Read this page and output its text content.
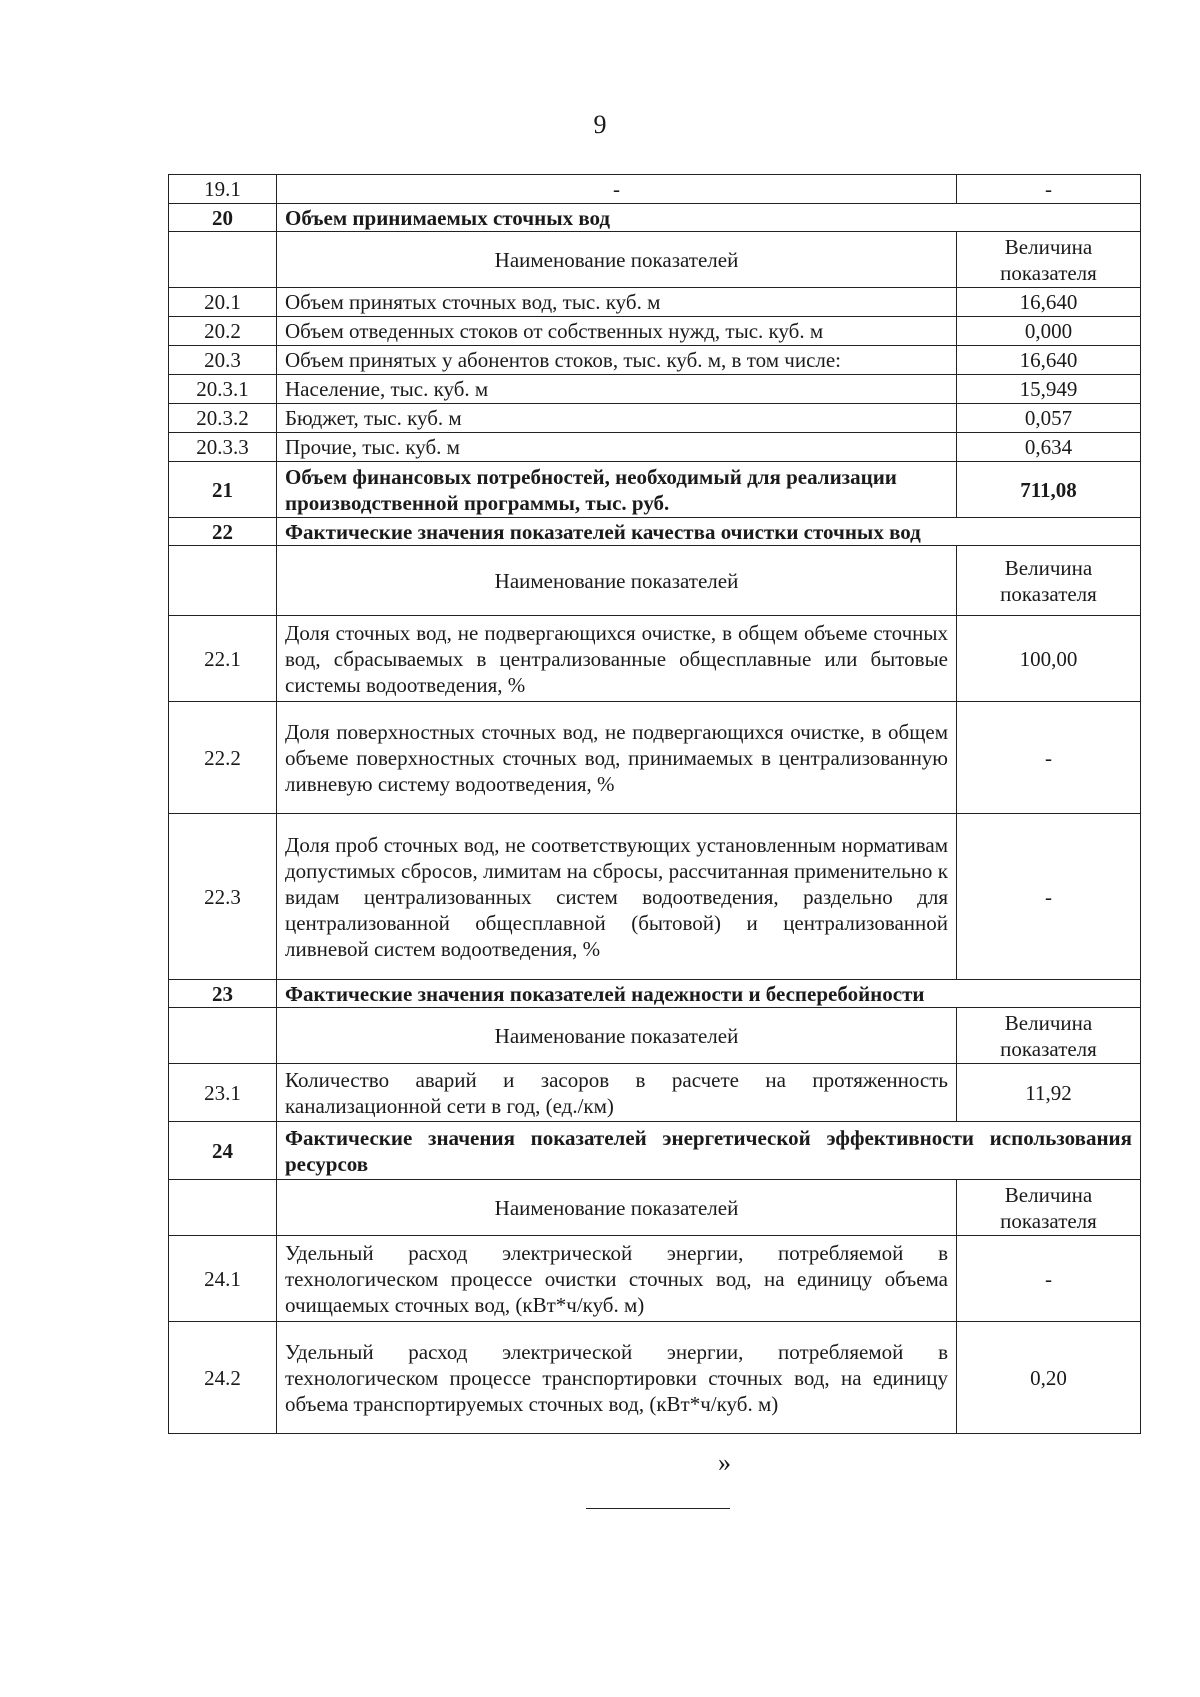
9
19.1	-	-
20	Объем принимаемых сточных вод	
	Наименование показателей	Величина показателя
20.1	Объем принятых сточных вод, тыс. куб. м	16,640
20.2	Объем отведенных стоков от собственных нужд, тыс. куб. м	0,000
20.3	Объем принятых у абонентов стоков, тыс. куб. м, в том числе:	16,640
20.3.1	Население, тыс. куб. м	15,949
20.3.2	Бюджет, тыс. куб. м	0,057
20.3.3	Прочие, тыс. куб. м	0,634
21	Объем финансовых потребностей, необходимый для реализации производственной программы, тыс. руб.	711,08
22	Фактические значения показателей качества очистки сточных вод	
	Наименование показателей	Величина показателя
22.1	Доля сточных вод, не подвергающихся очистке, в общем объеме сточных вод, сбрасываемых в централизованные общесплавные или бытовые системы водоотведения, %	100,00
22.2	Доля поверхностных сточных вод, не подвергающихся очистке, в общем объеме поверхностных сточных вод, принимаемых в централизованную ливневую систему водоотведения, %	-
22.3	Доля проб сточных вод, не соответствующих установленным нормативам допустимых сбросов, лимитам на сбросы, рассчитанная применительно к видам централизованных систем водоотведения, раздельно для централизованной общесплавной (бытовой) и централизованной ливневой систем водоотведения, %	-
23	Фактические значения показателей надежности и бесперебойности	
	Наименование показателей	Величина показателя
23.1	Количество аварий и засоров в расчете на протяженность канализационной сети в год, (ед./км)	11,92
24	Фактические значения показателей энергетической эффективности использования ресурсов	
	Наименование показателей	Величина показателя
24.1	Удельный расход электрической энергии, потребляемой в технологическом процессе очистки сточных вод, на единицу объема очищаемых сточных вод, (кВт*ч/куб. м)	-
24.2	Удельный расход электрической энергии, потребляемой в технологическом процессе транспортировки сточных вод, на единицу объема транспортируемых сточных вод, (кВт*ч/куб. м)	0,20
»
